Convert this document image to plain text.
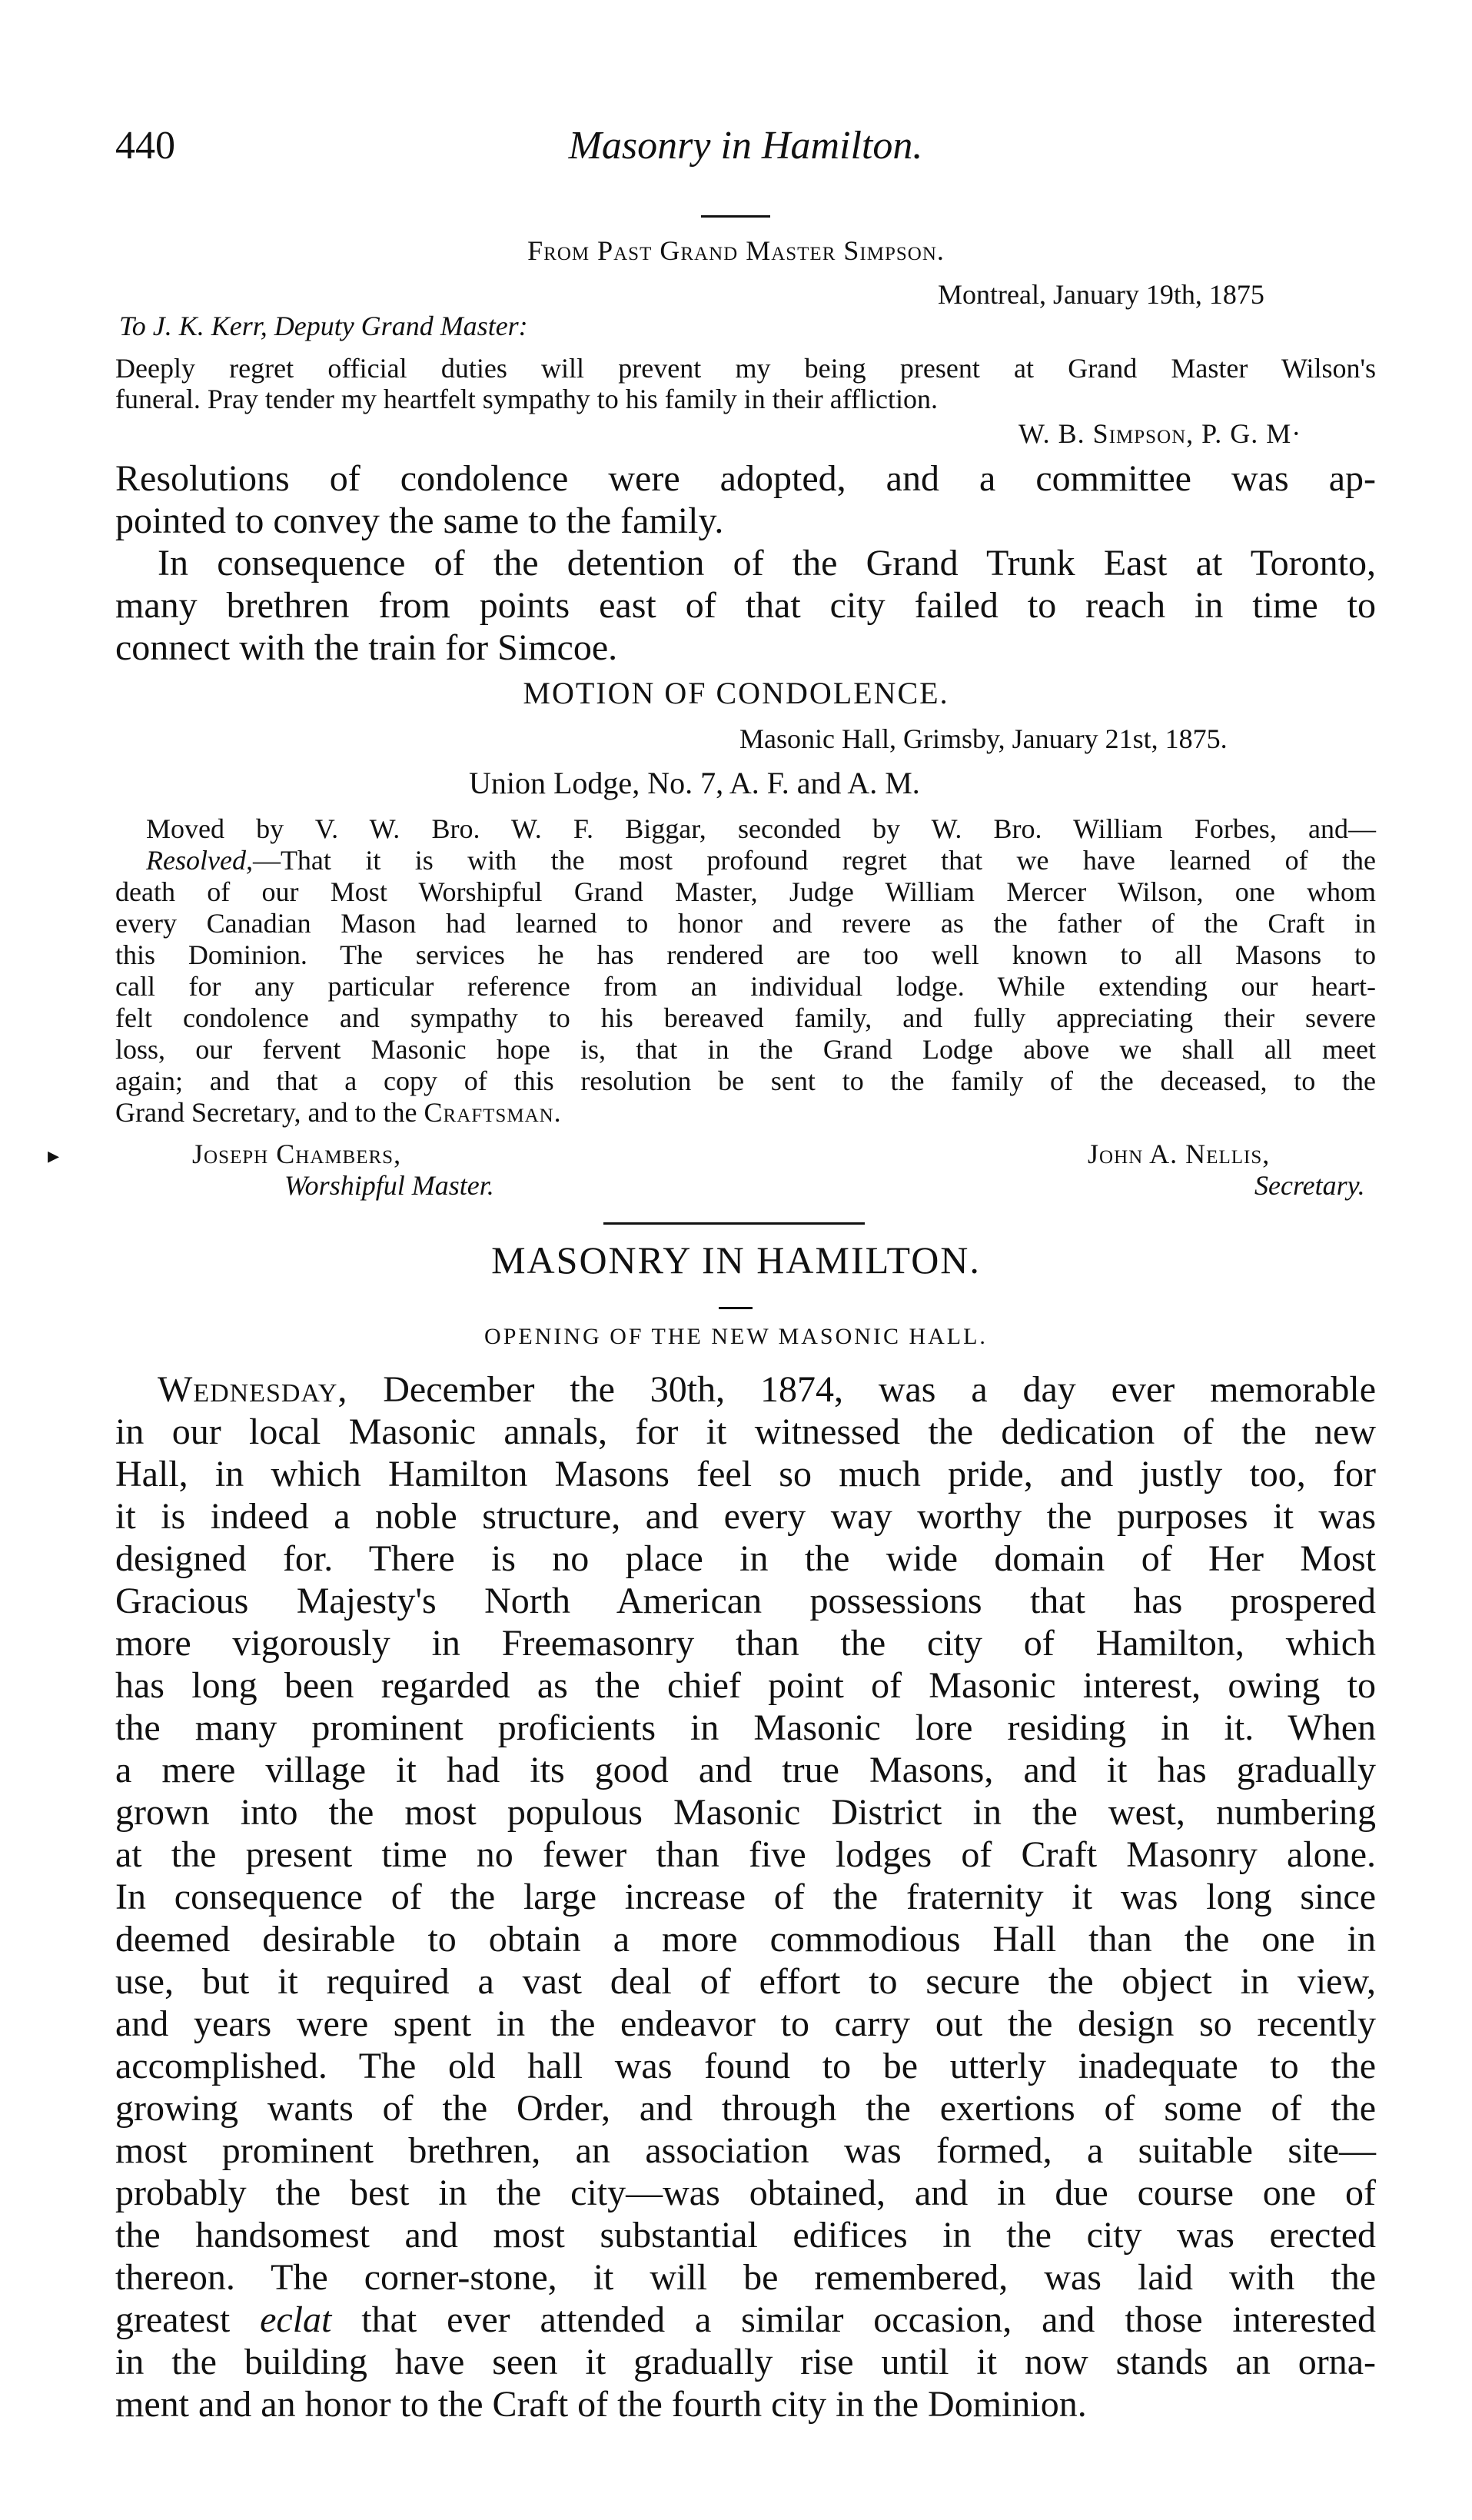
440	Masonry in Hamilton.
From Past Grand Master Simpson.
Montreal, January 19th, 1875
To J. K. Kerr, Deputy Grand Master:
Deeply regret official duties will prevent my being present at Grand Master Wilson's
funeral. Pray tender my heartfelt sympathy to his family in their affliction.
W. B. Simpson, P. G. M·
Resolutions of condolence were adopted, and a committee was ap-
pointed to convey the same to the family.
In consequence of the detention of the Grand Trunk East at Toronto,
many brethren from points east of that city failed to reach in time to
connect with the train for Simcoe.
MOTION OF CONDOLENCE.
Masonic Hall, Grimsby, January 21st, 1875.
Union Lodge, No. 7, A. F. and A. M.
Moved by V. W. Bro. W. F. Biggar, seconded by W. Bro. William Forbes, and—
Resolved,—That it is with the most profound regret that we have learned of the
death of our Most Worshipful Grand Master, Judge William Mercer Wilson, one whom
every Canadian Mason had learned to honor and revere as the father of the Craft in
this Dominion. The services he has rendered are too well known to all Masons to
call for any particular reference from an individual lodge. While extending our heart-
felt condolence and sympathy to his bereaved family, and fully appreciating their severe
loss, our fervent Masonic hope is, that in the Grand Lodge above we shall all meet
again; and that a copy of this resolution be sent to the family of the deceased, to the
Grand Secretary, and to the Craftsman.
▸	Joseph Chambers,
Worshipful Master.
John A. Nellis,
Secretary.
MASONRY IN HAMILTON.
OPENING OF THE NEW MASONIC HALL.
Wednesday, December the 30th, 1874, was a day ever memorable
in our local Masonic annals, for it witnessed the dedication of the new
Hall, in which Hamilton Masons feel so much pride, and justly too, for
it is indeed a noble structure, and every way worthy the purposes it was
designed for. There is no place in the wide domain of Her Most
Gracious Majesty's North American possessions that has prospered
more vigorously in Freemasonry than the city of Hamilton, which
has long been regarded as the chief point of Masonic interest, owing to
the many prominent proficients in Masonic lore residing in it. When
a mere village it had its good and true Masons, and it has gradually
grown into the most populous Masonic District in the west, numbering
at the present time no fewer than five lodges of Craft Masonry alone.
In consequence of the large increase of the fraternity it was long since
deemed desirable to obtain a more commodious Hall than the one in
use, but it required a vast deal of effort to secure the object in view,
and years were spent in the endeavor to carry out the design so recently
accomplished. The old hall was found to be utterly inadequate to the
growing wants of the Order, and through the exertions of some of the
most prominent brethren, an association was formed, a suitable site—
probably the best in the city—was obtained, and in due course one of
the handsomest and most substantial edifices in the city was erected
thereon. The corner-stone, it will be remembered, was laid with the
greatest eclat that ever attended a similar occasion, and those interested
in the building have seen it gradually rise until it now stands an orna-
ment and an honor to the Craft of the fourth city in the Dominion.
